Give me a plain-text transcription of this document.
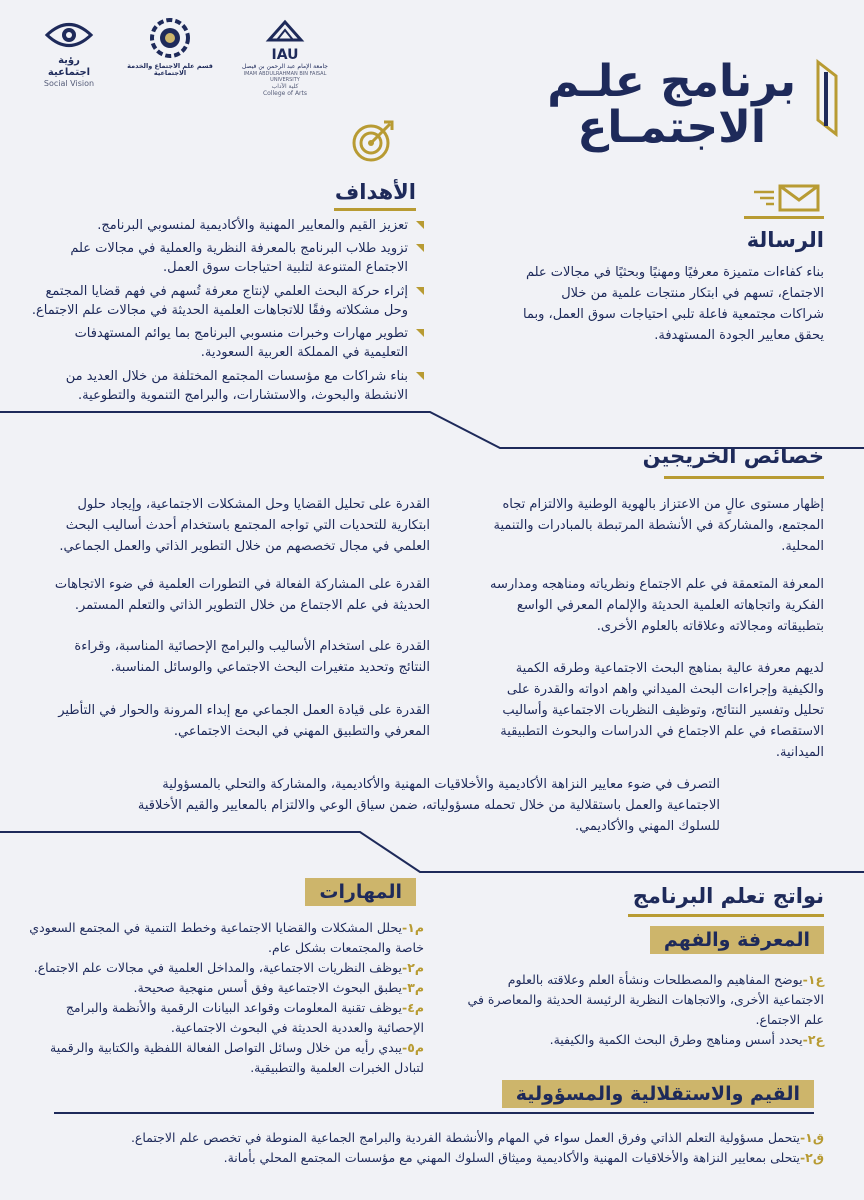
IAU
جامعة الإمام عبد الرحمن بن فيصل
IMAM ABDULRAHMAN BIN FAISAL UNIVERSITY
كلية الآداب
College of Arts
قسم علم الاجتماع والخدمة الاجتماعية
رؤية اجتماعية
Social Vision	برنامج علـم
الاجتمـاع
الأهداف
تعزيز القيم والمعايير المهنية والأكاديمية لمنسوبي البرنامج.
تزويد طلاب البرنامج بالمعرفة النظرية والعملية في مجالات علم الاجتماع المتنوعة لتلبية احتياجات سوق العمل.
إثراء حركة البحث العلمي لإنتاج معرفة تُسهم في فهم قضايا المجتمع وحل مشكلاته وفقًا للاتجاهات العلمية الحديثة في مجالات علم الاجتماع.
تطوير مهارات وخبرات منسوبي البرنامج بما يوائم المستهدفات التعليمية في المملكة العربية السعودية.
بناء شراكات مع مؤسسات المجتمع المختلفة من خلال العديد من الانشطة والبحوث، والاستشارات، والبرامج التنموية والتطوعية.
الرسالة
بناء كفاءات متميزة معرفيًا ومهنيًا وبحثيًا في مجالات علم الاجتماع، تسهم في ابتكار منتجات علمية من خلال شراكات مجتمعية فاعلة تلبي احتياجات سوق العمل، وبما يحقق معايير الجودة المستهدفة.
خصائص الخريجين
إظهار مستوى عالٍ من الاعتزاز بالهوية الوطنية والالتزام تجاه المجتمع، والمشاركة في الأنشطة المرتبطة بالمبادرات والتنمية المحلية.
المعرفة المتعمقة في علم الاجتماع ونظرياته ومناهجه ومدارسه الفكرية واتجاهاته العلمية الحديثة والإلمام المعرفي الواسع بتطبيقاته ومجالاته وعلاقاته بالعلوم الأخرى.
لديهم معرفة عالية بمناهج البحث الاجتماعية وطرقه الكمية والكيفية وإجراءات البحث الميداني واهم ادواته والقدرة على تحليل وتفسير النتائج، وتوظيف النظريات الاجتماعية وأساليب الاستقصاء في علم الاجتماع في الدراسات والبحوث التطبيقية الميدانية.
القدرة على تحليل القضايا وحل المشكلات الاجتماعية، وإيجاد حلول ابتكارية للتحديات التي تواجه المجتمع باستخدام أحدث أساليب البحث العلمي في مجال تخصصهم من خلال التطوير الذاتي والعمل الجماعي.
القدرة على المشاركة الفعالة في التطورات العلمية في ضوء الاتجاهات الحديثة في علم الاجتماع من خلال التطوير الذاتي والتعلم المستمر.
القدرة على استخدام الأساليب والبرامج الإحصائية المناسبة، وقراءة النتائج وتحديد متغيرات البحث الاجتماعي والوسائل المناسبة.
القدرة على قيادة العمل الجماعي مع إبداء المرونة والحوار في التأطير المعرفي والتطبيق المهني في البحث الاجتماعي.
التصرف في ضوء معايير النزاهة الأكاديمية والأخلاقيات المهنية والأكاديمية، والمشاركة والتحلي بالمسؤولية الاجتماعية والعمل باستقلالية من خلال تحمله مسؤولياته، ضمن سياق الوعي والالتزام بالمعايير والقيم الأخلاقية للسلوك المهني والأكاديمي.
نواتج تعلم البرنامج
المعرفة والفهم
ع١-يوضح المفاهيم والمصطلحات ونشأة العلم وعلاقته بالعلوم الاجتماعية الأخرى، والاتجاهات النظرية الرئيسة الحديثة والمعاصرة في علم الاجتماع.
ع٢-يحدد أسس ومناهج وطرق البحث الكمية والكيفية.
المهارات
م١-يحلل المشكلات والقضايا الاجتماعية وخطط التنمية في المجتمع السعودي خاصة والمجتمعات بشكل عام.
م٢-يوظف النظريات الاجتماعية، والمداخل العلمية في مجالات علم الاجتماع.
م٣-يطبق البحوث الاجتماعية وفق أسس منهجية صحيحة.
م٤-يوظف تقنية المعلومات وقواعد البيانات الرقمية والأنظمة والبرامج الإحصائية والعددية الحديثة في البحوث الاجتماعية.
م٥-يبدي رأيه من خلال وسائل التواصل الفعالة اللفظية والكتابية والرقمية لتبادل الخبرات العلمية والتطبيقية.
القيم والاستقلالية والمسؤولية
ق١-يتحمل مسؤولية التعلم الذاتي وفرق العمل سواء في المهام والأنشطة الفردية والبرامج الجماعية المنوطة في تخصص علم الاجتماع.
ق٢-يتحلى بمعايير النزاهة والأخلاقيات المهنية والأكاديمية وميثاق السلوك المهني مع مؤسسات المجتمع المحلي بأمانة.
